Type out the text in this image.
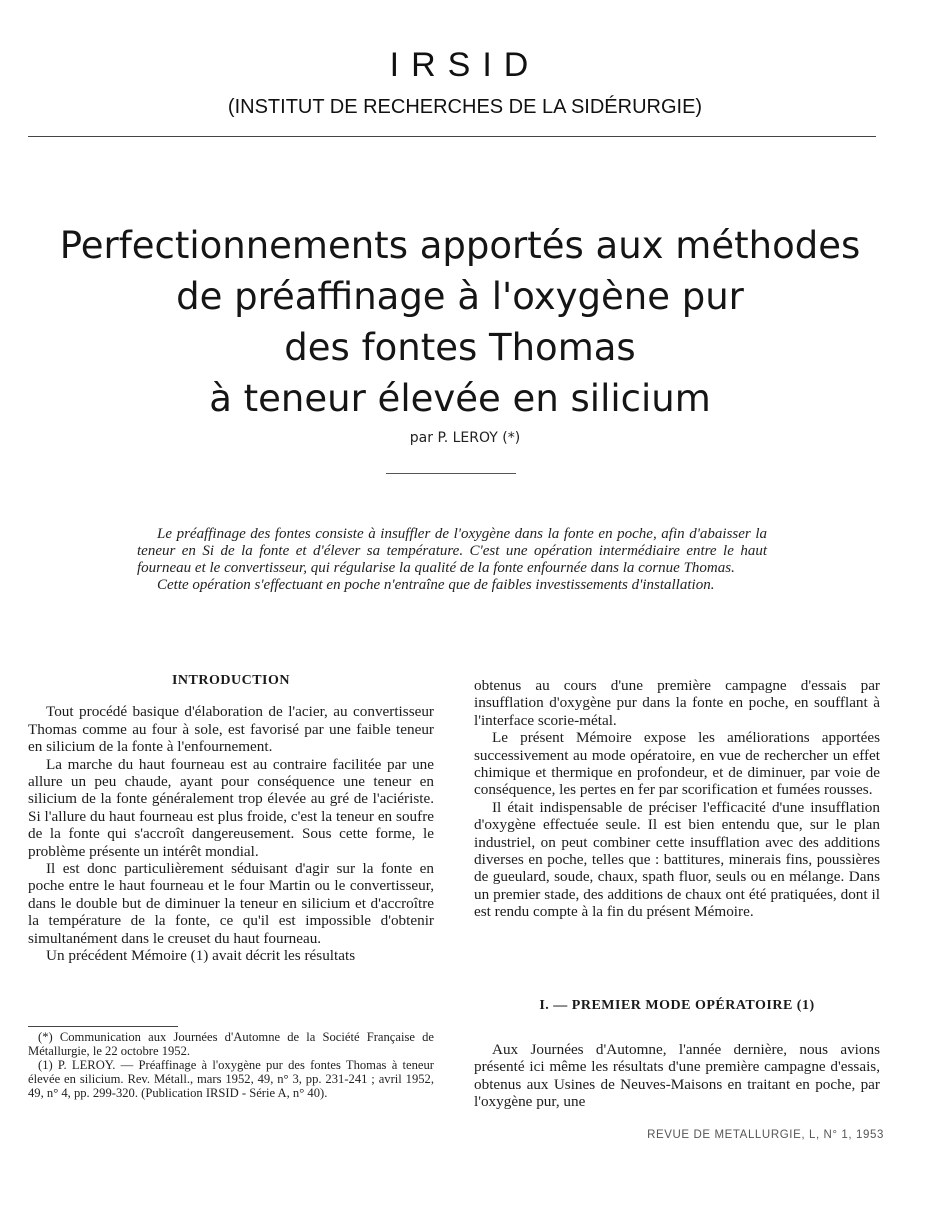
IRSID
(INSTITUT DE RECHERCHES DE LA SIDÉRURGIE)
Perfectionnements apportés aux méthodes
de préaffinage à l'oxygène pur
des fontes Thomas
à teneur élevée en silicium
par P. LEROY (*)

Le préaffinage des fontes consiste à insuffler de l'oxygène dans la fonte en poche, afin d'abaisser la teneur en Si de la fonte et d'élever sa température. C'est une opération intermédiaire entre le haut fourneau et le convertisseur, qui régularise la qualité de la fonte enfournée dans la cornue Thomas.

Cette opération s'effectuant en poche n'entraîne que de faibles investissements d'installation.

INTRODUCTION

Tout procédé basique d'élaboration de l'acier, au convertisseur Thomas comme au four à sole, est favorisé par une faible teneur en silicium de la fonte à l'enfournement.

La marche du haut fourneau est au contraire facilitée par une allure un peu chaude, ayant pour conséquence une teneur en silicium de la fonte généralement trop élevée au gré de l'aciériste. Si l'allure du haut fourneau est plus froide, c'est la teneur en soufre de la fonte qui s'accroît dangereusement. Sous cette forme, le problème présente un intérêt mondial.

Il est donc particulièrement séduisant d'agir sur la fonte en poche entre le haut fourneau et le four Martin ou le convertisseur, dans le double but de diminuer la teneur en silicium et d'accroître la température de la fonte, ce qu'il est impossible d'obtenir simultanément dans le creuset du haut fourneau.

Un précédent Mémoire (1) avait décrit les résultats

(*) Communication aux Journées d'Automne de la Société Française de Métallurgie, le 22 octobre 1952.

(1) P. LEROY. — Préaffinage à l'oxygène pur des fontes Thomas à teneur élevée en silicium. Rev. Métall., mars 1952, 49, n° 3, pp. 231-241 ; avril 1952, 49, n° 4, pp. 299-320. (Publication IRSID - Série A, n° 40).

obtenus au cours d'une première campagne d'essais par insufflation d'oxygène pur dans la fonte en poche, en soufflant à l'interface scorie-métal.

Le présent Mémoire expose les améliorations apportées successivement au mode opératoire, en vue de rechercher un effet chimique et thermique en profondeur, et de diminuer, par voie de conséquence, les pertes en fer par scorification et fumées rousses.

Il était indispensable de préciser l'efficacité d'une insufflation d'oxygène effectuée seule. Il est bien entendu que, sur le plan industriel, on peut combiner cette insufflation avec des additions diverses en poche, telles que : battitures, minerais fins, poussières de gueulard, soude, chaux, spath fluor, seuls ou en mélange. Dans un premier stade, des additions de chaux ont été pratiquées, dont il est rendu compte à la fin du présent Mémoire.

I. — PREMIER MODE OPÉRATOIRE (1)

Aux Journées d'Automne, l'année dernière, nous avions présenté ici même les résultats d'une première campagne d'essais, obtenus aux Usines de Neuves-Maisons en traitant en poche, par l'oxygène pur, une

REVUE DE METALLURGIE, L, N° 1, 1953
